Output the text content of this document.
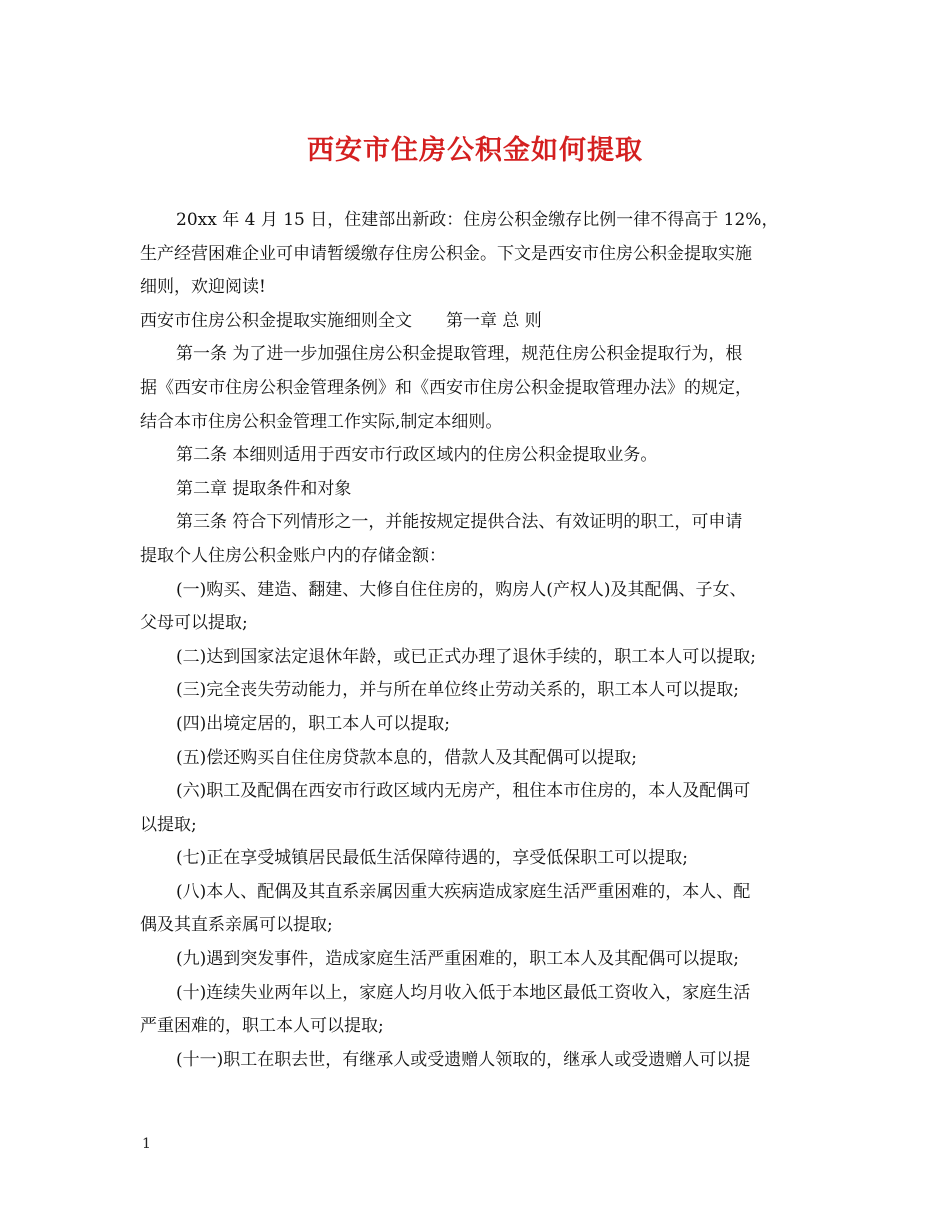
西安市住房公积金如何提取
20xx 年 4 月 15 日，住建部出新政：住房公积金缴存比例一律不得高于 12%，
生产经营困难企业可申请暂缓缴存住房公积金。下文是西安市住房公积金提取实施
细则，欢迎阅读!
西安市住房公积金提取实施细则全文　　第一章 总 则
第一条 为了进一步加强住房公积金提取管理，规范住房公积金提取行为，根
据《西安市住房公积金管理条例》和《西安市住房公积金提取管理办法》的规定，
结合本市住房公积金管理工作实际,制定本细则。
第二条 本细则适用于西安市行政区域内的住房公积金提取业务。
第二章 提取条件和对象
第三条 符合下列情形之一，并能按规定提供合法、有效证明的职工，可申请
提取个人住房公积金账户内的存储金额：
(一)购买、建造、翻建、大修自住住房的，购房人(产权人)及其配偶、子女、
父母可以提取;
(二)达到国家法定退休年龄，或已正式办理了退休手续的，职工本人可以提取;
(三)完全丧失劳动能力，并与所在单位终止劳动关系的，职工本人可以提取;
(四)出境定居的，职工本人可以提取;
(五)偿还购买自住住房贷款本息的，借款人及其配偶可以提取;
(六)职工及配偶在西安市行政区域内无房产，租住本市住房的，本人及配偶可
以提取;
(七)正在享受城镇居民最低生活保障待遇的，享受低保职工可以提取;
(八)本人、配偶及其直系亲属因重大疾病造成家庭生活严重困难的，本人、配
偶及其直系亲属可以提取;
(九)遇到突发事件，造成家庭生活严重困难的，职工本人及其配偶可以提取;
(十)连续失业两年以上，家庭人均月收入低于本地区最低工资收入，家庭生活
严重困难的，职工本人可以提取;
(十一)职工在职去世，有继承人或受遗赠人领取的，继承人或受遗赠人可以提
1
